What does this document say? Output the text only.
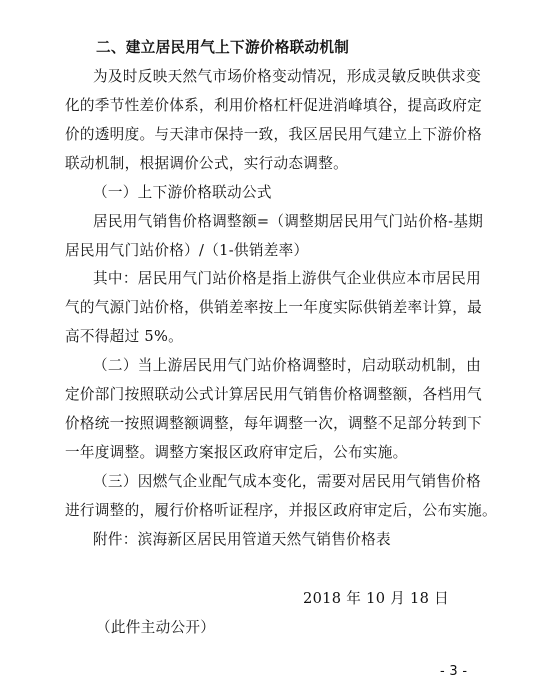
二、建立居民用气上下游价格联动机制
为及时反映天然气市场价格变动情况，形成灵敏反映供求变
化的季节性差价体系，利用价格杠杆促进消峰填谷，提高政府定
价的透明度。与天津市保持一致，我区居民用气建立上下游价格
联动机制，根据调价公式，实行动态调整。
（一）上下游价格联动公式
居民用气销售价格调整额=（调整期居民用气门站价格-基期
居民用气门站价格）/（1-供销差率）
其中：居民用气门站价格是指上游供气企业供应本市居民用
气的气源门站价格，供销差率按上一年度实际供销差率计算，最
高不得超过 5%。
（二）当上游居民用气门站价格调整时，启动联动机制，由
定价部门按照联动公式计算居民用气销售价格调整额，各档用气
价格统一按照调整额调整，每年调整一次，调整不足部分转到下
一年度调整。调整方案报区政府审定后，公布实施。
（三）因燃气企业配气成本变化，需要对居民用气销售价格
进行调整的，履行价格听证程序，并报区政府审定后，公布实施。
附件：滨海新区居民用管道天然气销售价格表
2018 年 10 月 18 日
（此件主动公开）
- 3 -
